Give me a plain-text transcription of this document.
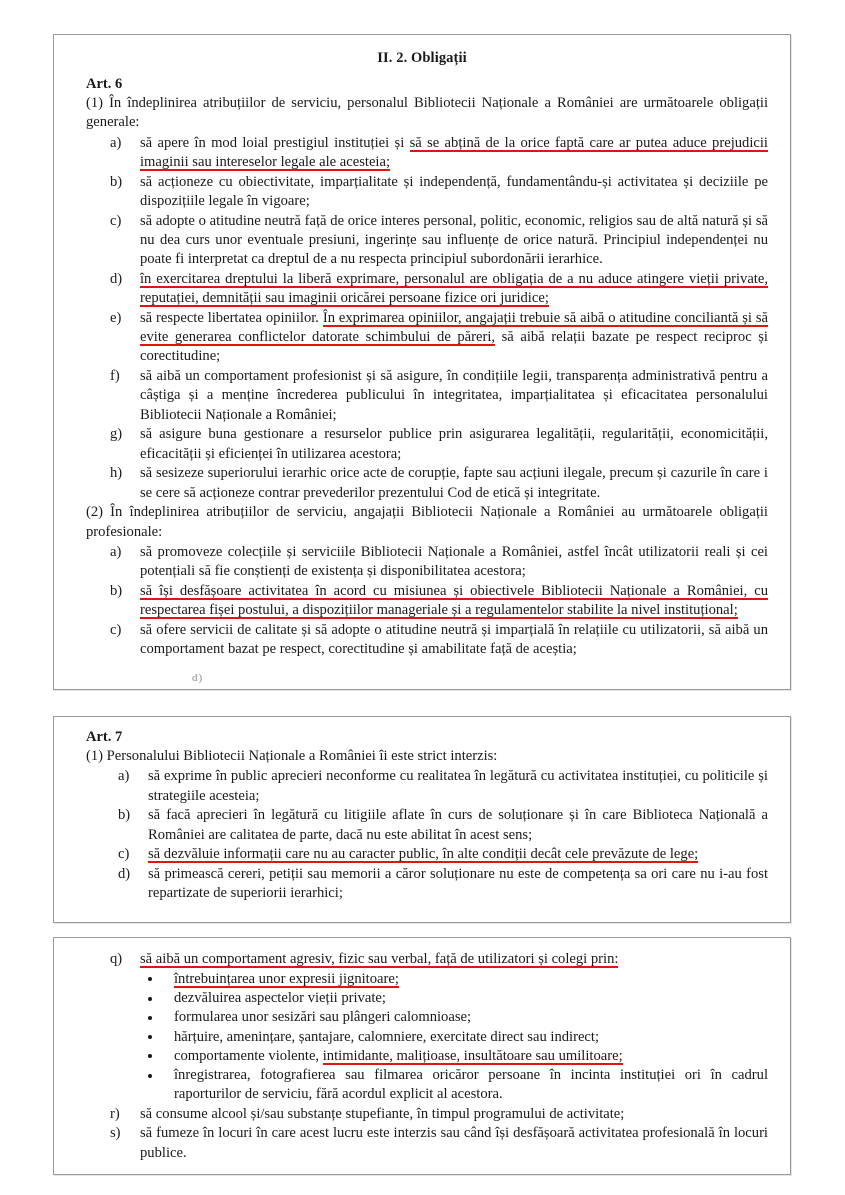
II. 2. Obligații
Art. 6

(1) În îndeplinirea atribuțiilor de serviciu, personalul Bibliotecii Naționale a României are următoarele obligații generale:

a)	să apere în mod loial prestigiul instituției și să se abțină de la orice faptă care ar putea aduce prejudicii imaginii sau intereselor legale ale acesteia;
b)	să acționeze cu obiectivitate, imparțialitate și independență, fundamentându-și activitatea și deciziile pe dispozițiile legale în vigoare;
c)	să adopte o atitudine neutră față de orice interes personal, politic, economic, religios sau de altă natură și să nu dea curs unor eventuale presiuni, ingerințe sau influențe de orice natură. Principiul independenței nu poate fi interpretat ca dreptul de a nu respecta principiul subordonării ierarhice.
d)	în exercitarea dreptului la liberă exprimare, personalul are obligația de a nu aduce atingere vieții private, reputației, demnității sau imaginii oricărei persoane fizice ori juridice;
e)	să respecte libertatea opiniilor. În exprimarea opiniilor, angajații trebuie să aibă o atitudine conciliantă și să evite generarea conflictelor datorate schimbului de păreri, să aibă relații bazate pe respect reciproc și corectitudine;
f)	să aibă un comportament profesionist și să asigure, în condițiile legii, transparența administrativă pentru a câștiga și a menține încrederea publicului în integritatea, imparțialitatea și eficacitatea personalului Bibliotecii Naționale a României;
g)	să asigure buna gestionare a resurselor publice prin asigurarea legalității, regularității, economicității, eficacității și eficienței în utilizarea acestora;
h)	să sesizeze superiorului ierarhic orice acte de corupție, fapte sau acțiuni ilegale, precum și cazurile în care i se cere să acționeze contrar prevederilor prezentului Cod de etică și integritate.

(2) În îndeplinirea atribuțiilor de serviciu, angajații Bibliotecii Naționale a României au următoarele obligații profesionale:

a)	să promoveze colecțiile și serviciile Bibliotecii Naționale a României, astfel încât utilizatorii reali și cei potențiali să fie conștienți de existența și disponibilitatea acestora;
b)	să își desfășoare activitatea în acord cu misiunea și obiectivele Bibliotecii Naționale a României, cu respectarea fișei postului, a dispozițiilor manageriale și a regulamentelor stabilite la nivel instituțional;
c)	să ofere servicii de calitate și să adopte o atitudine neutră și imparțială în relațiile cu utilizatorii, să aibă un comportament bazat pe respect, corectitudine și amabilitate față de aceștia;
d)
Art. 7

(1) Personalului Bibliotecii Naționale a României îi este strict interzis:

a)	să exprime în public aprecieri neconforme cu realitatea în legătură cu activitatea instituției, cu politicile și strategiile acesteia;
b)	să facă aprecieri în legătură cu litigiile aflate în curs de soluționare și în care Biblioteca Națională a României are calitatea de parte, dacă nu este abilitat în acest sens;
c)	să dezvăluie informații care nu au caracter public, în alte condiții decât cele prevăzute de lege;
d)	să primească cereri, petiții sau memorii a căror soluționare nu este de competența sa ori care nu i-au fost repartizate de superiorii ierarhici;
q)	să aibă un comportament agresiv, fizic sau verbal, față de utilizatori și colegi prin:
întrebuințarea unor expresii jignitoare;
dezvăluirea aspectelor vieții private;
formularea unor sesizări sau plângeri calomnioase;
hărțuire, amenințare, șantajare, calomniere, exercitate direct sau indirect;
comportamente violente, intimidante, malițioase, insultătoare sau umilitoare;
înregistrarea, fotografierea sau filmarea oricăror persoane în incinta instituției ori în cadrul raporturilor de serviciu, fără acordul explicit al acestora.
r)	să consume alcool și/sau substanțe stupefiante, în timpul programului de activitate;
s)	să fumeze în locuri în care acest lucru este interzis sau când își desfășoară activitatea profesională în locuri publice.
